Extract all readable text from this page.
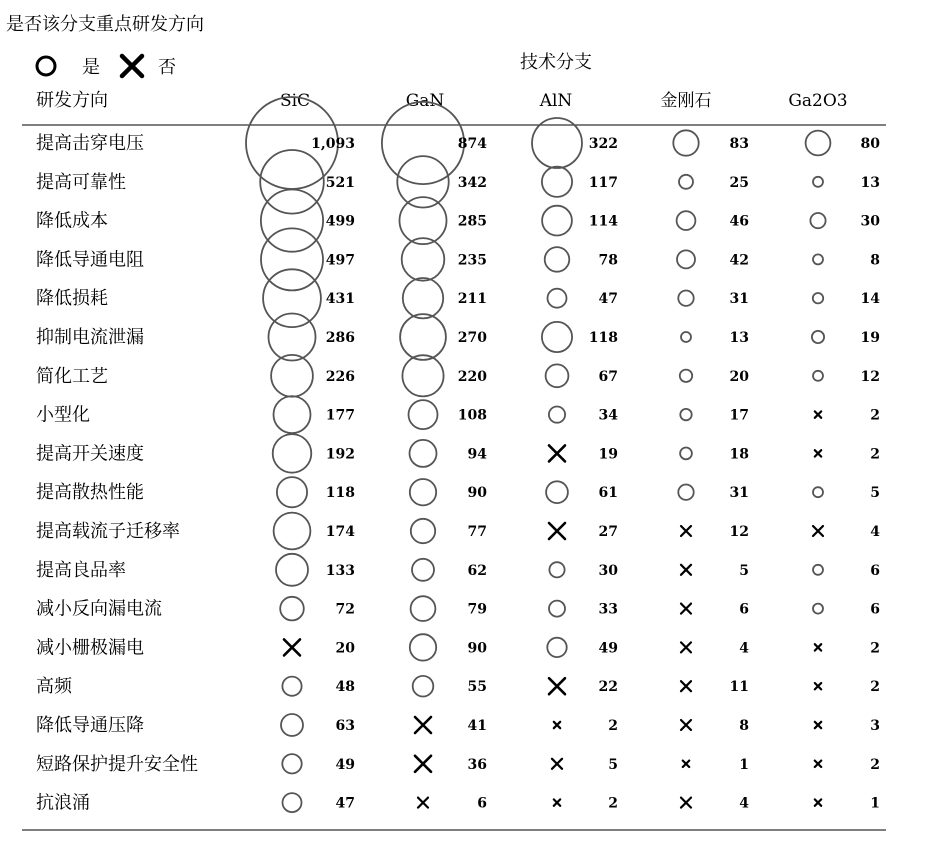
是否该分支重点研发方向
是	否	技术分支
研发方向	SiC	GaN	AlN	金刚石	Ga2O3
提高击穿电压	1,093	874	322	83	80
提高可靠性	521	342	117	25	13
降低成本	499	285	114	46	30
降低导通电阻	497	235	78	42	8
降低损耗	431	211	47	31	14
抑制电流泄漏	286	270	118	13	19
简化工艺	226	220	67	20	12
小型化	177	108	34	17	2
提高开关速度	192	94	19	18	2
提高散热性能	118	90	61	31	5
提高载流子迁移率	174	77	27	12	4
提高良品率	133	62	30	5	6
减小反向漏电流	72	79	33	6	6
减小栅极漏电	20	90	49	4	2
高频	48	55	22	11	2
降低导通压降	63	41	2	8	3
短路保护提升安全性	49	36	5	1	2
抗浪涌	47	6	2	4	1
